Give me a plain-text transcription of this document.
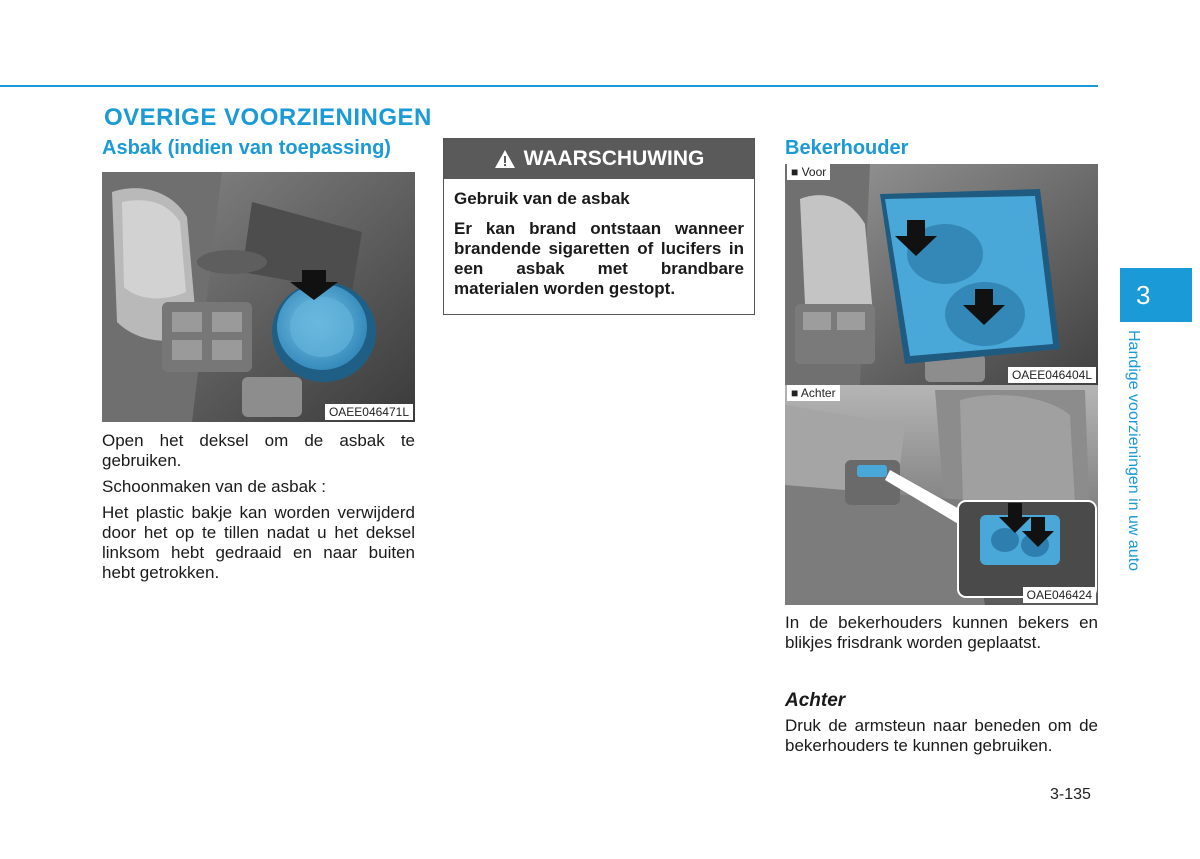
OVERIGE VOORZIENINGEN
Asbak (indien van toepassing)
OAEE046471L

Open het deksel om de asbak te gebruiken.

Schoonmaken van de asbak :

Het plastic bakje kan worden verwijderd door het op te tillen nadat u het deksel linksom hebt gedraaid en naar buiten hebt getrokken.

WAARSCHUWING

Gebruik van de asbak

Er kan brand ontstaan wanneer brandende sigaretten of lucifers in een asbak met brandbare materialen worden gestopt.

Bekerhouder
■ Voor
OAEE046404L
■ Achter
OAE046424

In de bekerhouders kunnen bekers en blikjes frisdrank worden geplaatst.

Achter

Druk de armsteun naar beneden om de bekerhouders te kunnen gebruiken.

3
Handige voorzieningen in uw auto
3-135
